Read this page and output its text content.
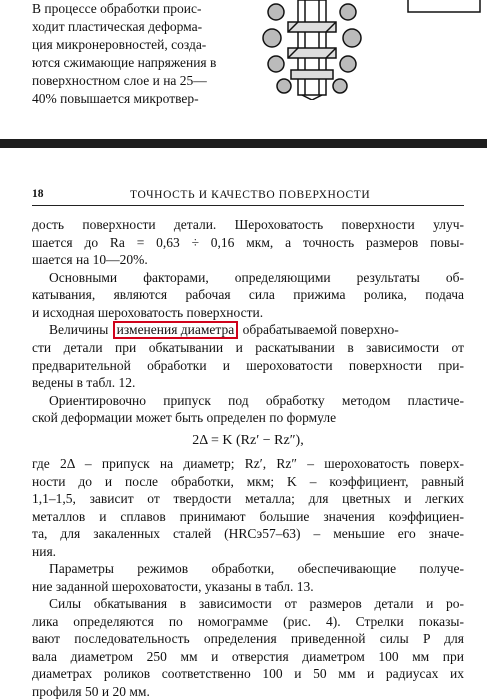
В процессе обработки проис-
ходит пластическая деформа-
ция микронеровностей, созда-
ются сжимающие напряжения в
поверхностном слое и на 25—
40% повышается микротвер-
18	ТОЧНОСТЬ И КАЧЕСТВО ПОВЕРХНОСТИ
дость поверхности детали. Шероховатость поверхности улуч-
шается до Ra = 0,63 ÷ 0,16 мкм, а точность размеров повы-
шается на 10—20%.
Основными факторами, определяющими результаты об-
катывания, являются рабочая сила прижима ролика, подача
и исходная шероховатость поверхности.
Величины изменения диаметра обрабатываемой поверхно-
сти детали при обкатывании и раскатывании в зависимости от
предварительной обработки и шероховатости поверхности при-
ведены в табл. 12.
Ориентировочно припуск под обработку методом пластиче-
ской деформации может быть определен по формуле
2Δ = K (Rz′ − Rz″),
где 2Δ – припуск на диаметр; Rz′, Rz″ – шероховатость поверх-
ности до и после обработки, мкм; K – коэффициент, равный
1,1–1,5, зависит от твердости металла; для цветных и легких
металлов и сплавов принимают большие значения коэффициен-
та, для закаленных сталей (HRCэ57–63) – меньшие его значе-
ния.
Параметры режимов обработки, обеспечивающие получе-
ние заданной шероховатости, указаны в табл. 13.
Силы обкатывания в зависимости от размеров детали и ро-
лика определяются по номограмме (рис. 4). Стрелки показы-
вают последовательность определения приведенной силы P для
вала диаметром 250 мм и отверстия диаметром 100 мм при
диаметрах роликов соответственно 100 и 50 мм и радиусах их
профиля 50 и 20 мм.
